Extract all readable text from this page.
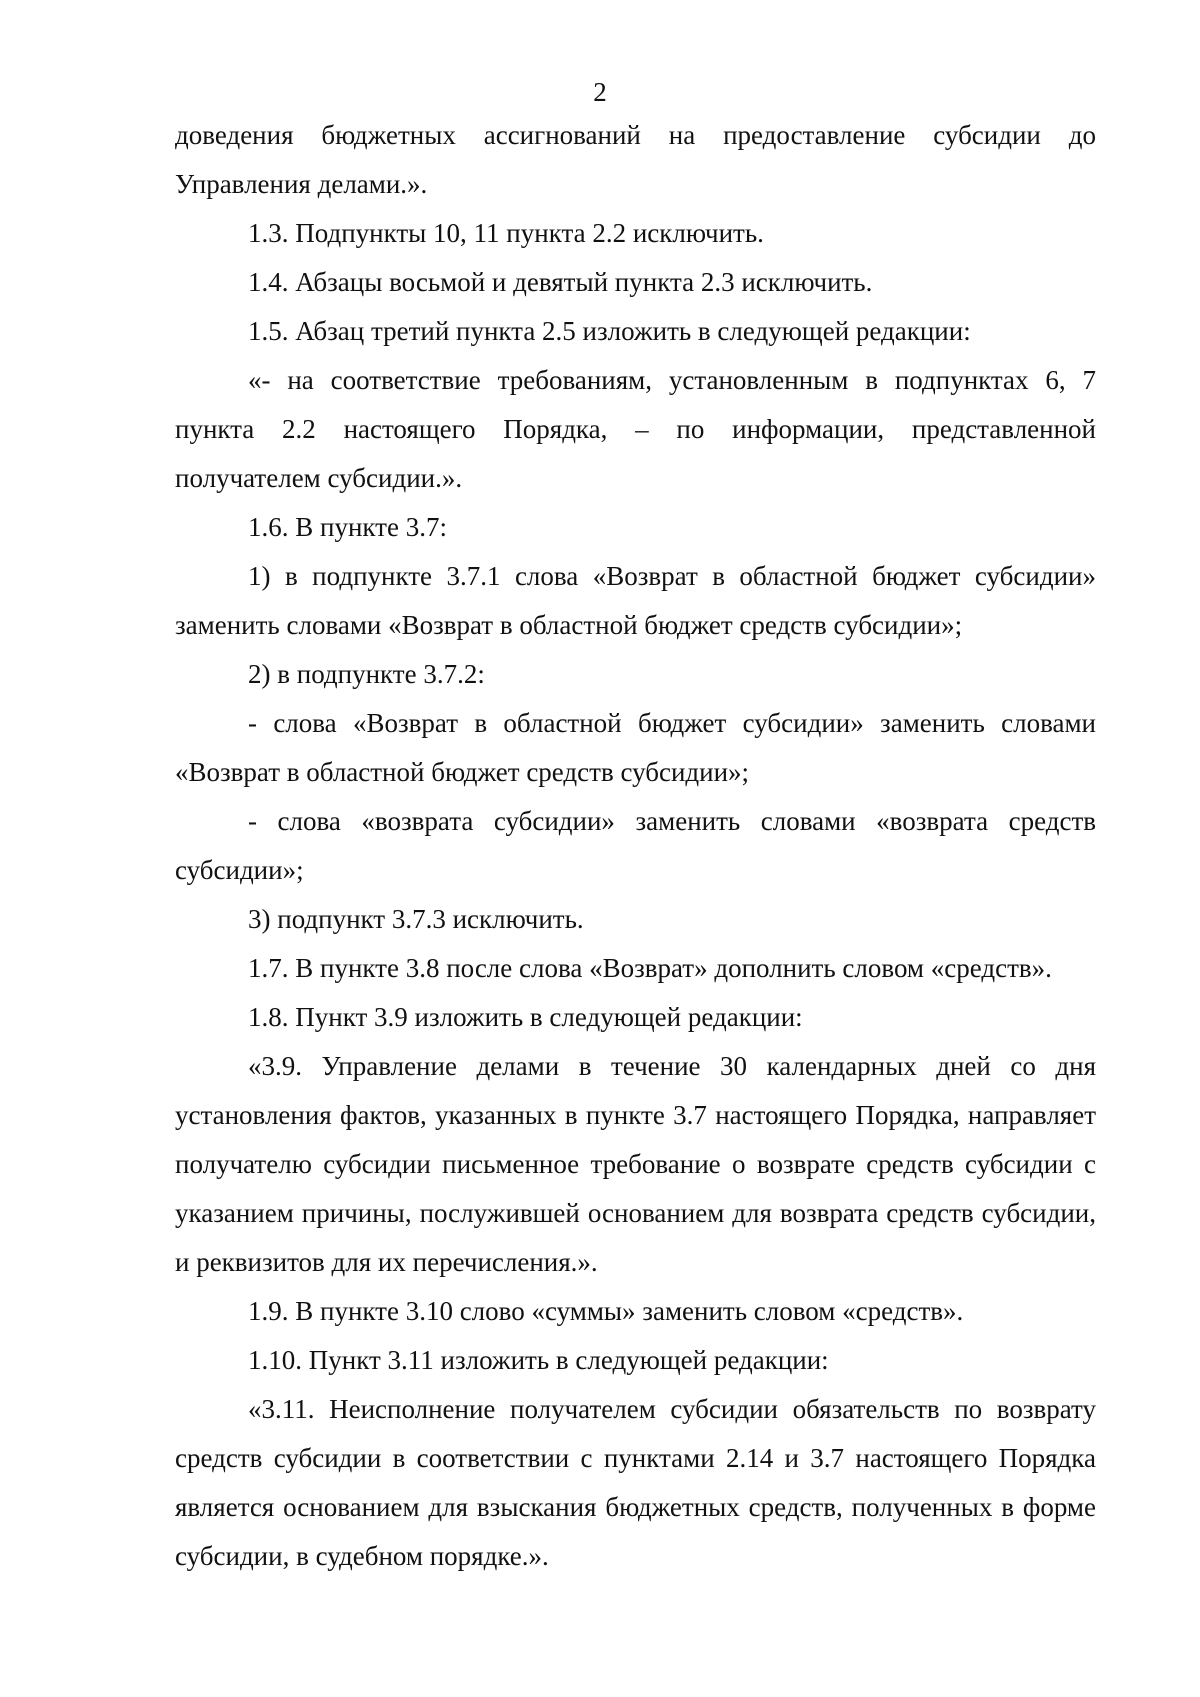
2

доведения бюджетных ассигнований на предоставление субсидии до Управления делами.».

1.3. Подпункты 10, 11 пункта 2.2 исключить.

1.4. Абзацы восьмой и девятый пункта 2.3 исключить.

1.5. Абзац третий пункта 2.5 изложить в следующей редакции:

«- на соответствие требованиям, установленным в подпунктах 6, 7 пункта 2.2 настоящего Порядка, – по информации, представленной получателем субсидии.».

1.6. В пункте 3.7:

1) в подпункте 3.7.1 слова «Возврат в областной бюджет субсидии» заменить словами «Возврат в областной бюджет средств субсидии»;

2) в подпункте 3.7.2:

- слова «Возврат в областной бюджет субсидии» заменить словами «Возврат в областной бюджет средств субсидии»;

- слова «возврата субсидии» заменить словами «возврата средств субсидии»;

3) подпункт 3.7.3 исключить.

1.7. В пункте 3.8 после слова «Возврат» дополнить словом «средств».

1.8. Пункт 3.9 изложить в следующей редакции:

«3.9. Управление делами в течение 30 календарных дней со дня установления фактов, указанных в пункте 3.7 настоящего Порядка, направляет получателю субсидии письменное требование о возврате средств субсидии с указанием причины, послужившей основанием для возврата средств субсидии, и реквизитов для их перечисления.».

1.9. В пункте 3.10 слово «суммы» заменить словом «средств».

1.10. Пункт 3.11 изложить в следующей редакции:

«3.11. Неисполнение получателем субсидии обязательств по возврату средств субсидии в соответствии с пунктами 2.14 и 3.7 настоящего Порядка является основанием для взыскания бюджетных средств, полученных в форме субсидии, в судебном порядке.».
